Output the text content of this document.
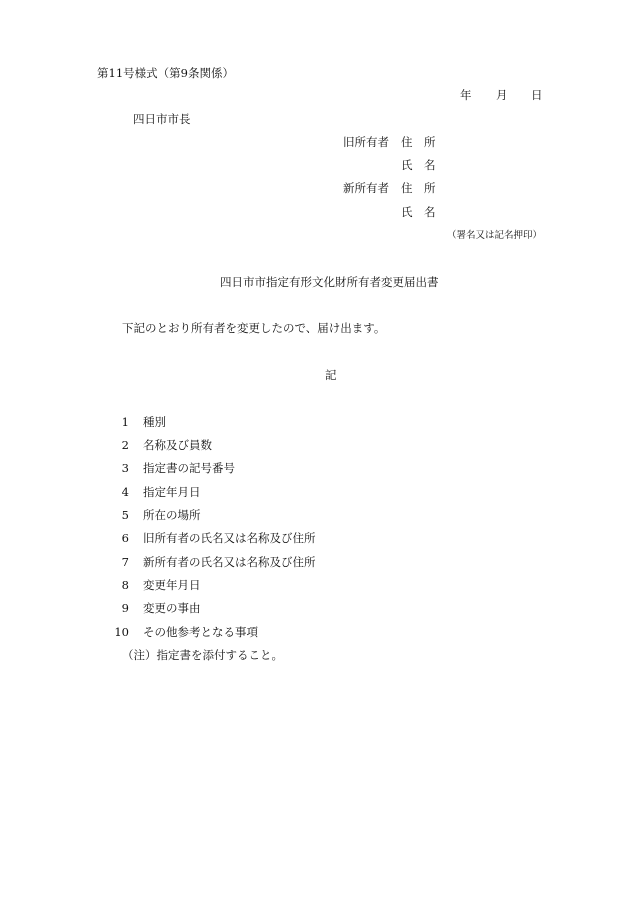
第11号様式（第9条関係）
年 月 日
四日市市長
旧所有者 住　所
氏　名
新所有者 住　所
氏　名
（署名又は記名押印）
四日市市指定有形文化財所有者変更届出書
下記のとおり所有者を変更したので、届け出ます。
記
1 種別
2 名称及び員数
3 指定書の記号番号
4 指定年月日
5 所在の場所
6 旧所有者の氏名又は名称及び住所
7 新所有者の氏名又は名称及び住所
8 変更年月日
9 変更の事由
10 その他参考となる事項
（注）指定書を添付すること。
